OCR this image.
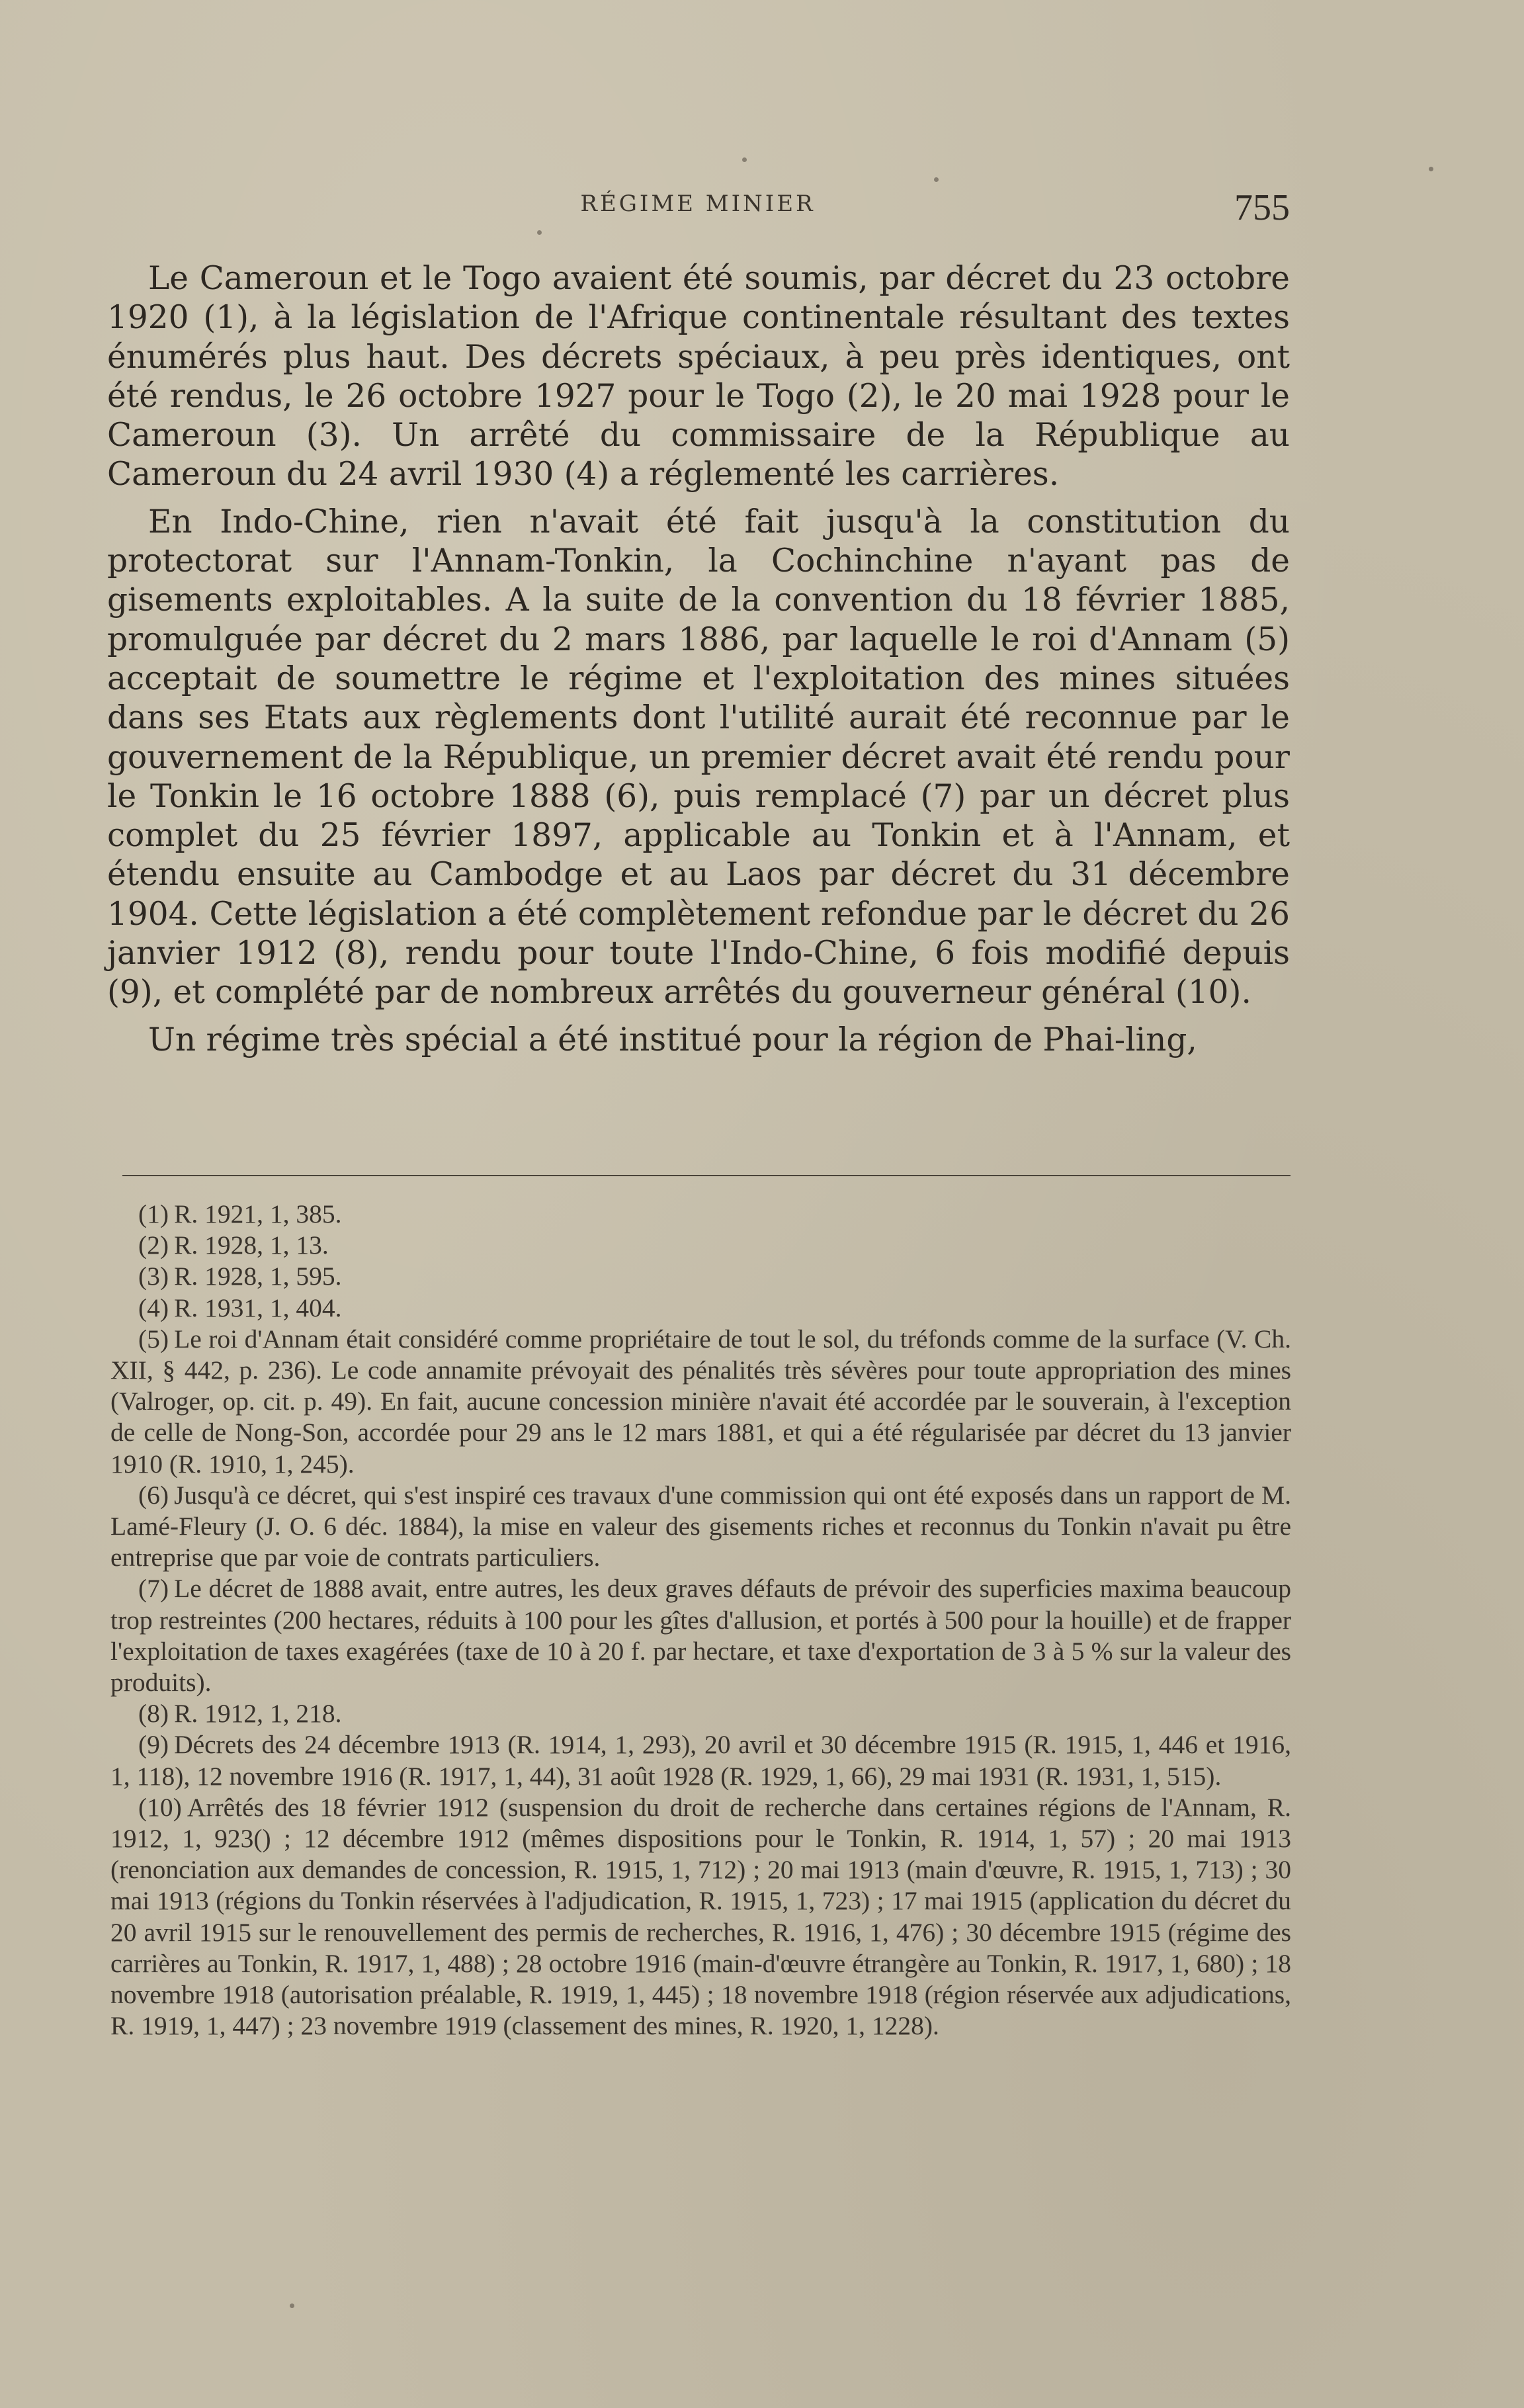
RÉGIME MINIER	755

Le Cameroun et le Togo avaient été soumis, par décret du 23 octobre 1920 (1), à la législation de l'Afrique continentale résultant des textes énumérés plus haut. Des décrets spéciaux, à peu près identiques, ont été rendus, le 26 octobre 1927 pour le Togo (2), le 20 mai 1928 pour le Cameroun (3). Un arrêté du commissaire de la République au Cameroun du 24 avril 1930 (4) a réglementé les carrières.

En Indo-Chine, rien n'avait été fait jusqu'à la constitution du protectorat sur l'Annam-Tonkin, la Cochinchine n'ayant pas de gisements exploitables. A la suite de la convention du 18 février 1885, promulguée par décret du 2 mars 1886, par laquelle le roi d'Annam (5) acceptait de soumettre le régime et l'exploitation des mines situées dans ses Etats aux règlements dont l'utilité aurait été reconnue par le gouvernement de la République, un premier décret avait été rendu pour le Tonkin le 16 octobre 1888 (6), puis remplacé (7) par un décret plus complet du 25 février 1897, applicable au Tonkin et à l'Annam, et étendu ensuite au Cambodge et au Laos par décret du 31 décembre 1904. Cette législation a été complètement refondue par le décret du 26 janvier 1912 (8), rendu pour toute l'Indo-Chine, 6 fois modifié depuis (9), et complété par de nombreux arrêtés du gouverneur général (10).

Un régime très spécial a été institué pour la région de Phai-ling,

(1) R. 1921, 1, 385.

(2) R. 1928, 1, 13.

(3) R. 1928, 1, 595.

(4) R. 1931, 1, 404.

(5) Le roi d'Annam était considéré comme propriétaire de tout le sol, du tréfonds comme de la surface (V. Ch. XII, § 442, p. 236). Le code annamite prévoyait des pénalités très sévères pour toute appropriation des mines (Valroger, op. cit. p. 49). En fait, aucune concession minière n'avait été accordée par le souverain, à l'exception de celle de Nong-Son, accordée pour 29 ans le 12 mars 1881, et qui a été régularisée par décret du 13 janvier 1910 (R. 1910, 1, 245).

(6) Jusqu'à ce décret, qui s'est inspiré ces travaux d'une commission qui ont été exposés dans un rapport de M. Lamé-Fleury (J. O. 6 déc. 1884), la mise en valeur des gisements riches et reconnus du Tonkin n'avait pu être entreprise que par voie de contrats particuliers.

(7) Le décret de 1888 avait, entre autres, les deux graves défauts de prévoir des superficies maxima beaucoup trop restreintes (200 hectares, réduits à 100 pour les gîtes d'allusion, et portés à 500 pour la houille) et de frapper l'exploitation de taxes exagérées (taxe de 10 à 20 f. par hectare, et taxe d'exportation de 3 à 5 % sur la valeur des produits).

(8) R. 1912, 1, 218.

(9) Décrets des 24 décembre 1913 (R. 1914, 1, 293), 20 avril et 30 décembre 1915 (R. 1915, 1, 446 et 1916, 1, 118), 12 novembre 1916 (R. 1917, 1, 44), 31 août 1928 (R. 1929, 1, 66), 29 mai 1931 (R. 1931, 1, 515).

(10) Arrêtés des 18 février 1912 (suspension du droit de recherche dans certaines régions de l'Annam, R. 1912, 1, 923() ; 12 décembre 1912 (mêmes dispositions pour le Tonkin, R. 1914, 1, 57) ; 20 mai 1913 (renonciation aux demandes de concession, R. 1915, 1, 712) ; 20 mai 1913 (main d'œuvre, R. 1915, 1, 713) ; 30 mai 1913 (régions du Tonkin réservées à l'adjudication, R. 1915, 1, 723) ; 17 mai 1915 (application du décret du 20 avril 1915 sur le renouvellement des permis de recherches, R. 1916, 1, 476) ; 30 décembre 1915 (régime des carrières au Tonkin, R. 1917, 1, 488) ; 28 octobre 1916 (main-d'œuvre étrangère au Tonkin, R. 1917, 1, 680) ; 18 novembre 1918 (autorisation préalable, R. 1919, 1, 445) ; 18 novembre 1918 (région réservée aux adjudications, R. 1919, 1, 447) ; 23 novembre 1919 (classement des mines, R. 1920, 1, 1228).
